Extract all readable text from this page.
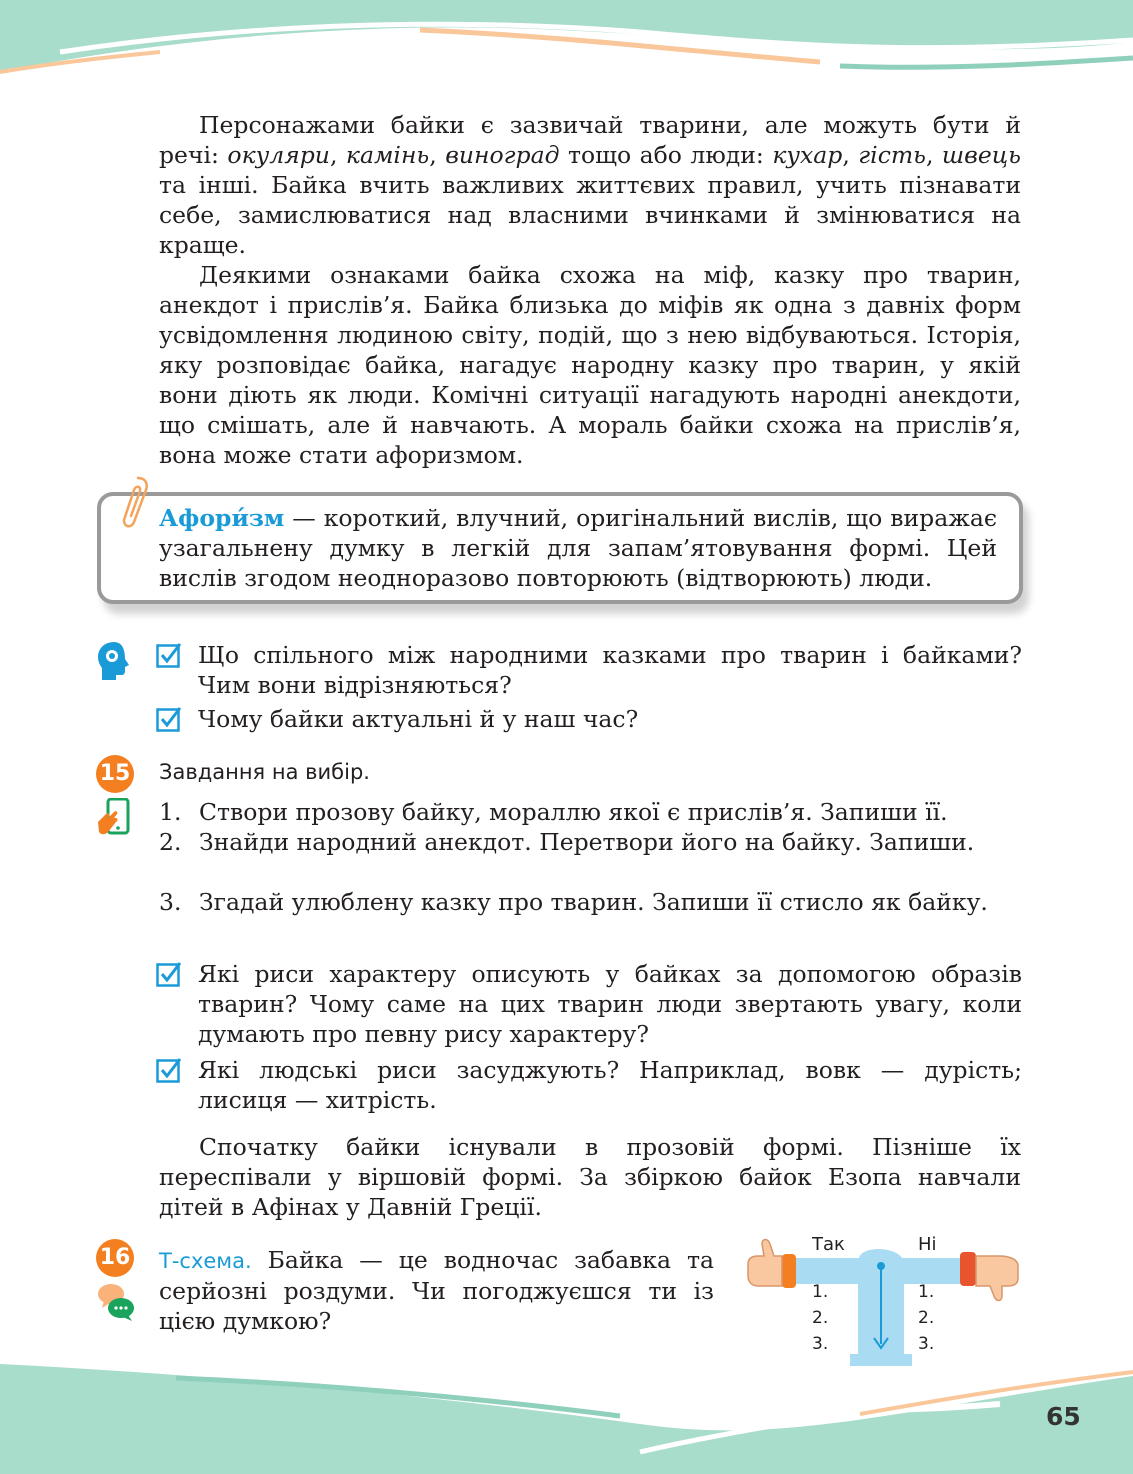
Персонажами байки є зазвичай тварини, але можуть бути й речі: окуляри, камінь, виноград тощо або люди: кухар, гість, швець та інші. Байка вчить важливих життєвих правил, учить пізнавати себе, замислюватися над власними вчинками й змінюватися на краще.

Деякими ознаками байка схожа на міф, казку про тварин, анекдот і прислів’я. Байка близька до міфів як одна з давніх форм усвідомлення людиною світу, подій, що з нею відбуваються. Історія, яку розповідає байка, нагадує народну казку про тварин, у якій вони діють як люди. Комічні ситуації нагадують народні анекдоти, що смішать, але й навчають. А мораль байки схожа на прислів’я, вона може стати афоризмом.

Афори́зм — короткий, влучний, оригінальний вислів, що виражає узагальнену думку в легкій для запам’ятовування формі. Цей вислів згодом неодноразово повторюють (відтворюють) люди.

Що спільного між народними казками про тварин і байками? Чим вони відрізняються?

Чому байки актуальні й у наш час?

15 Завдання на вибір.
1. Створи прозову байку, мораллю якої є прислів’я. Запиши її.

2. Знайди народний анекдот. Перетвори його на байку. Запиши.

3. Згадай улюблену казку про тварин. Запиши її стисло як байку.

Які риси характеру описують у байках за допомогою образів тварин? Чому саме на цих тварин люди звертають увагу, коли думають про певну рису характеру?

Які людські риси засуджують? Наприклад, вовк — дурість; лисиця — хитрість.

Спочатку байки існували в прозовій формі. Пізніше їх переспівали у віршовій формі. За збіркою байок Езопа навчали дітей в Афінах у Давній Греції.

16 Т-схема. Байка — це водночас забавка та серйозні роздуми. Чи погоджуєшся ти із цією думкою?

Так	Ні
1.
2.
3.
1.
2.
3.
65
